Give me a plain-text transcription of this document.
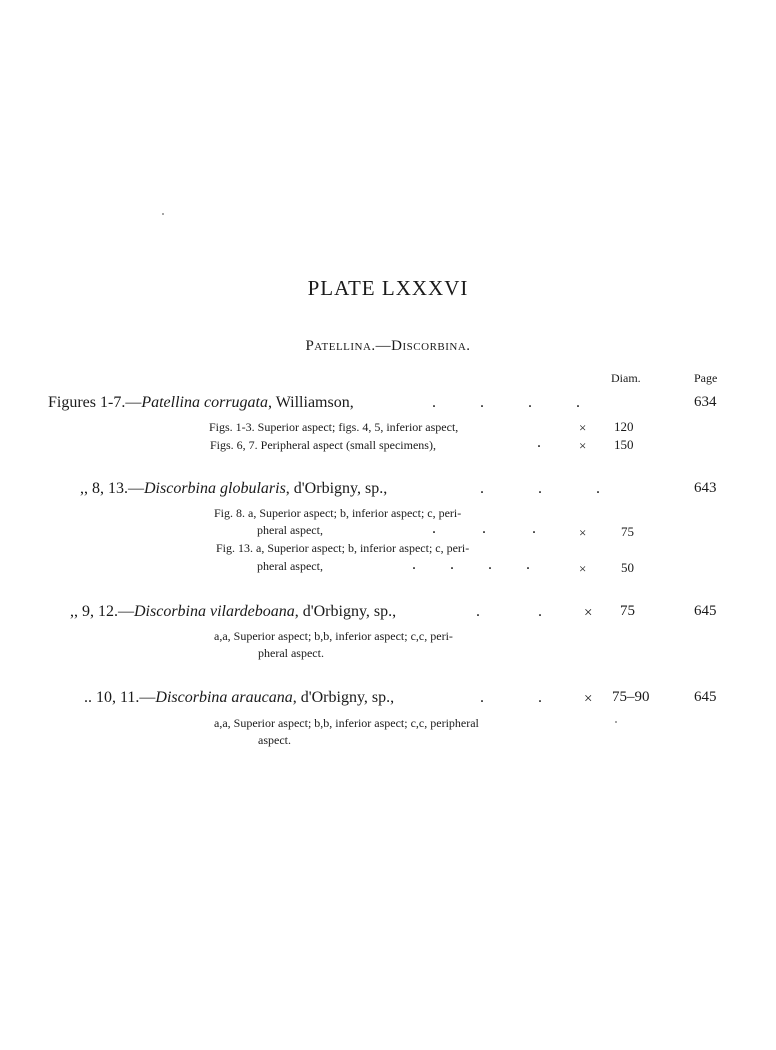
PLATE LXXXVI
Patellina.—Discorbina.
Diam.	Page
Figures 1-7.—Patellina corrugata, Williamson,	. . . .	634
Figs. 1-3. Superior aspect; figs. 4, 5, inferior aspect,	× 120
Figs. 6, 7. Peripheral aspect (small specimens),	.	× 150
,, 8, 13.—Discorbina globularis, d'Orbigny, sp.,	. . .	643
Fig. 8. a, Superior aspect; b, inferior aspect; c, peri-
pheral aspect,	. . .	×	75
Fig. 13. a, Superior aspect; b, inferior aspect; c, peri-
pheral aspect,	. . . .	×	50
,, 9, 12.—Discorbina vilardeboana, d'Orbigny, sp.,	. .	× 75	645
a,a, Superior aspect; b,b, inferior aspect; c,c, peri-
pheral aspect.
.. 10, 11.—Discorbina araucana, d'Orbigny, sp.,	. .	× 75–90	645
a,a, Superior aspect; b,b, inferior aspect; c,c, peripheral
aspect.
